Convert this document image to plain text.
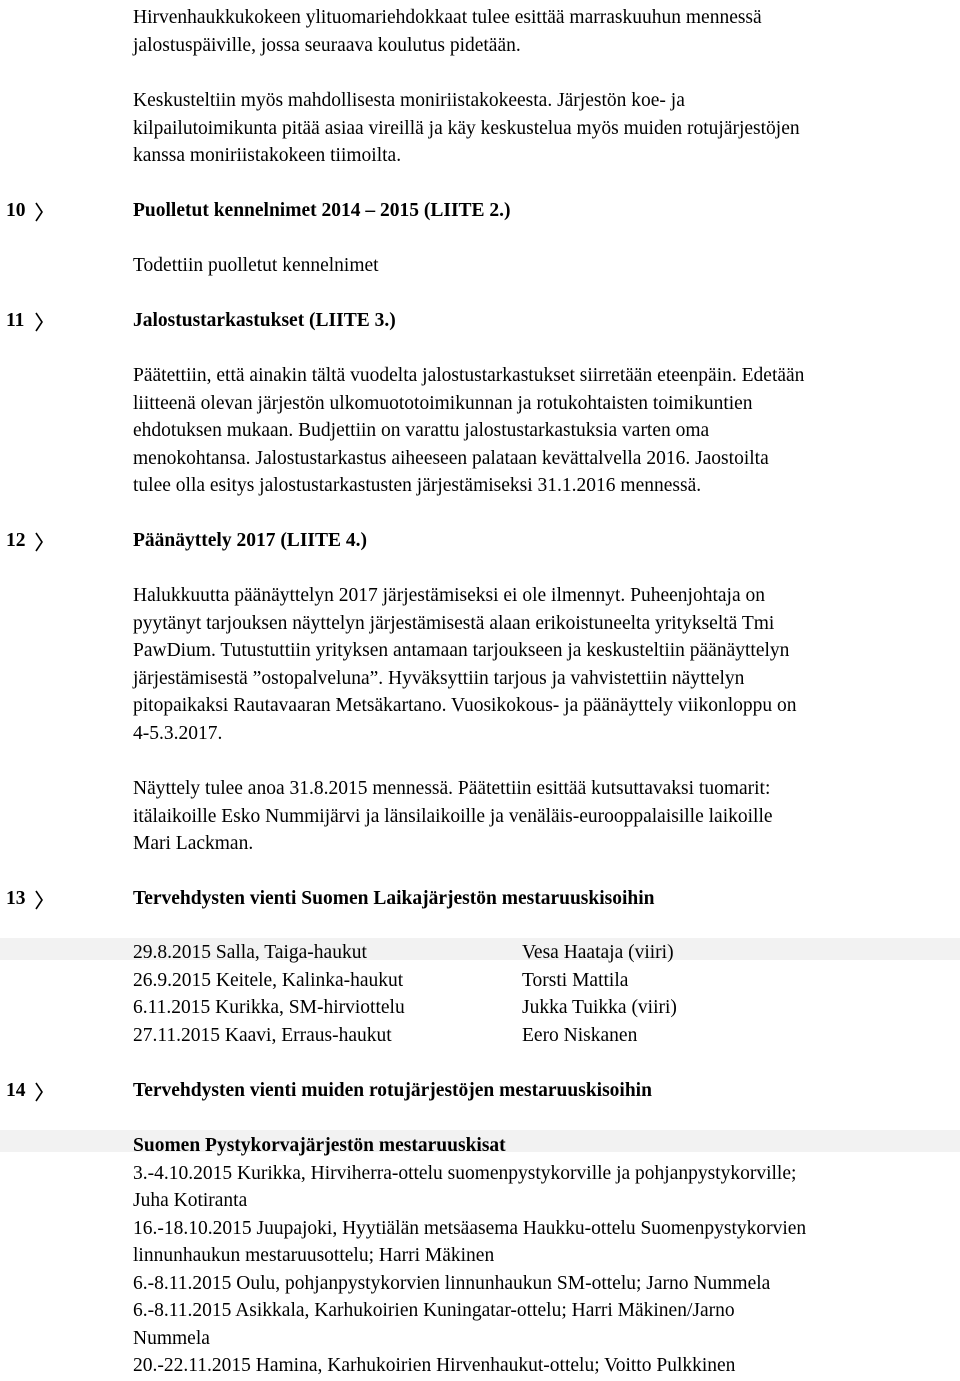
Hirvenhaukkukokeen ylituomariehdokkaat tulee esittää marraskuuhun mennessä
jalostuspäiville, jossa seuraava koulutus pidetään.

Keskusteltiin myös mahdollisesta moniriistakokeesta. Järjestön koe- ja
kilpailutoimikunta pitää asiaa vireillä ja käy keskustelua myös muiden rotujärjestöjen
kanssa moniriistakokeen tiimoilta.

10	Puolletut kennelnimet 2014 – 2015 (LIITE 2.)

Todettiin puolletut kennelnimet

11	Jalostustarkastukset (LIITE 3.)

Päätettiin, että ainakin tältä vuodelta jalostustarkastukset siirretään eteenpäin. Edetään
liitteenä olevan järjestön ulkomuototoimikunnan ja rotukohtaisten toimikuntien
ehdotuksen mukaan. Budjettiin on varattu jalostustarkastuksia varten oma
menokohtansa. Jalostustarkastus aiheeseen palataan kevättalvella 2016. Jaostoilta
tulee olla esitys jalostustarkastusten järjestämiseksi 31.1.2016 mennessä.

12	Päänäyttely 2017 (LIITE 4.)

Halukkuutta päänäyttelyn 2017 järjestämiseksi ei ole ilmennyt. Puheenjohtaja on
pyytänyt tarjouksen näyttelyn järjestämisestä alaan erikoistuneelta yritykseltä Tmi
PawDium. Tutustuttiin yrityksen antamaan tarjoukseen ja keskusteltiin päänäyttelyn
järjestämisestä ”ostopalveluna”. Hyväksyttiin tarjous ja vahvistettiin näyttelyn
pitopaikaksi Rautavaaran Metsäkartano. Vuosikokous- ja päänäyttely viikonloppu on
4-5.3.2017.

Näyttely tulee anoa 31.8.2015 mennessä. Päätettiin esittää kutsuttavaksi tuomarit:
itälaikoille Esko Nummijärvi ja länsilaikoille ja venäläis-eurooppalaisille laikoille
Mari Lackman.

13	Tervehdysten vienti Suomen Laikajärjestön mestaruuskisoihin
29.8.2015 Salla, Taiga-haukut	Vesa Haataja (viiri)
26.9.2015 Keitele, Kalinka-haukut	Torsti Mattila
6.11.2015 Kurikka, SM-hirviottelu	Jukka Tuikka (viiri)
27.11.2015 Kaavi, Erraus-haukut	Eero Niskanen
14	Tervehdysten vienti muiden rotujärjestöjen mestaruuskisoihin

Suomen Pystykorvajärjestön mestaruuskisat
3.-4.10.2015 Kurikka, Hirviherra-ottelu suomenpystykorville ja pohjanpystykorville;
Juha Kotiranta
16.-18.10.2015 Juupajoki, Hyytiälän metsäasema Haukku-ottelu Suomenpystykorvien
linnunhaukun mestaruusottelu; Harri Mäkinen
6.-8.11.2015 Oulu, pohjanpystykorvien linnunhaukun SM-ottelu; Jarno Nummela
6.-8.11.2015 Asikkala, Karhukoirien Kuningatar-ottelu; Harri Mäkinen/Jarno
Nummela
20.-22.11.2015 Hamina, Karhukoirien Hirvenhaukut-ottelu; Voitto Pulkkinen
